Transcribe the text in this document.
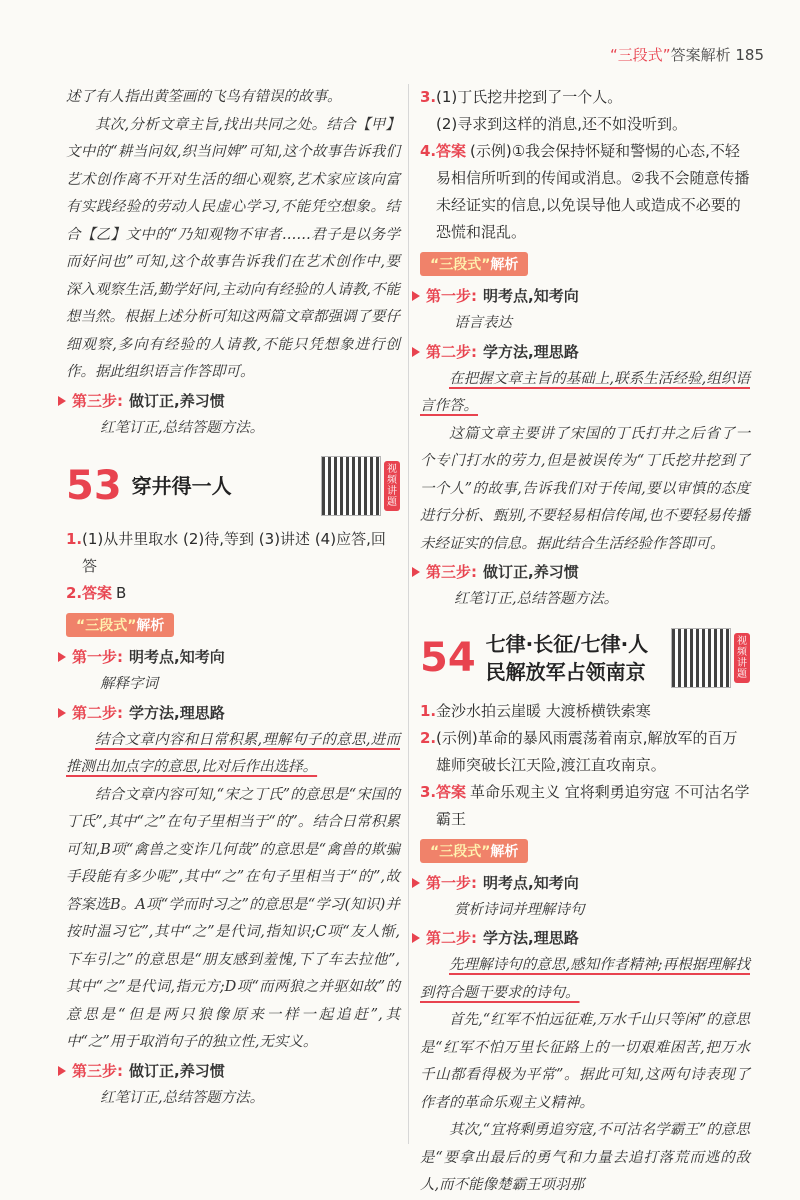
“三段式”答案解析 185

述了有人指出黄筌画的飞鸟有错误的故事。

其次,分析文章主旨,找出共同之处。结合【甲】文中的“耕当问奴,织当问婢”可知,这个故事告诉我们艺术创作离不开对生活的细心观察,艺术家应该向富有实践经验的劳动人民虚心学习,不能凭空想象。结合【乙】文中的“乃知观物不审者……君子是以务学而好问也”可知,这个故事告诉我们在艺术创作中,要深入观察生活,勤学好问,主动向有经验的人请教,不能想当然。根据上述分析可知这两篇文章都强调了要仔细观察,多向有经验的人请教,不能只凭想象进行创作。据此组织语言作答即可。

第三步: 做订正,养习惯

红笔订正,总结答题方法。

53 穿井得一人
视频讲题
1. (1)从井里取水 (2)待,等到 (3)讲述 (4)应答,回答
2. 答案 B
“三段式”解析
第一步: 明考点,知考向

解释字词

第二步: 学方法,理思路

结合文章内容和日常积累,理解句子的意思,进而推测出加点字的意思,比对后作出选择。

结合文章内容可知,“宋之丁氏”的意思是“宋国的丁氏”,其中“之”在句子里相当于“的”。结合日常积累可知,B项“禽兽之变诈几何哉”的意思是“禽兽的欺骗手段能有多少呢”,其中“之”在句子里相当于“的”,故答案选B。A项“学而时习之”的意思是“学习(知识)并按时温习它”,其中“之”是代词,指知识;C项“友人惭,下车引之”的意思是“朋友感到羞愧,下了车去拉他”,其中“之”是代词,指元方;D项“而两狼之并驱如故”的意思是“但是两只狼像原来一样一起追赶”,其中“之”用于取消句子的独立性,无实义。

第三步: 做订正,养习惯

红笔订正,总结答题方法。

3. (1)丁氏挖井挖到了一个人。
(2)寻求到这样的消息,还不如没听到。
4. 答案 (示例)①我会保持怀疑和警惕的心态,不轻易相信所听到的传闻或消息。②我不会随意传播未经证实的信息,以免误导他人或造成不必要的恐慌和混乱。
“三段式”解析
第一步: 明考点,知考向

语言表达

第二步: 学方法,理思路

在把握文章主旨的基础上,联系生活经验,组织语言作答。

这篇文章主要讲了宋国的丁氏打井之后省了一个专门打水的劳力,但是被误传为“丁氏挖井挖到了一个人”的故事,告诉我们对于传闻,要以审慎的态度进行分析、甄别,不要轻易相信传闻,也不要轻易传播未经证实的信息。据此结合生活经验作答即可。

第三步: 做订正,养习惯

红笔订正,总结答题方法。

54 七律·长征/七律·人民解放军占领南京
视频讲题
1. 金沙水拍云崖暖 大渡桥横铁索寒
2. (示例)革命的暴风雨震荡着南京,解放军的百万雄师突破长江天险,渡江直攻南京。
3. 答案 革命乐观主义 宜将剩勇追穷寇 不可沽名学霸王
“三段式”解析
第一步: 明考点,知考向

赏析诗词并理解诗句

第二步: 学方法,理思路

先理解诗句的意思,感知作者精神;再根据理解找到符合题干要求的诗句。

首先,“红军不怕远征难,万水千山只等闲”的意思是“红军不怕万里长征路上的一切艰难困苦,把万水千山都看得极为平常”。据此可知,这两句诗表现了作者的革命乐观主义精神。

其次,“宜将剩勇追穷寇,不可沽名学霸王”的意思是“要拿出最后的勇气和力量去追打落荒而逃的敌人,而不能像楚霸王项羽那
